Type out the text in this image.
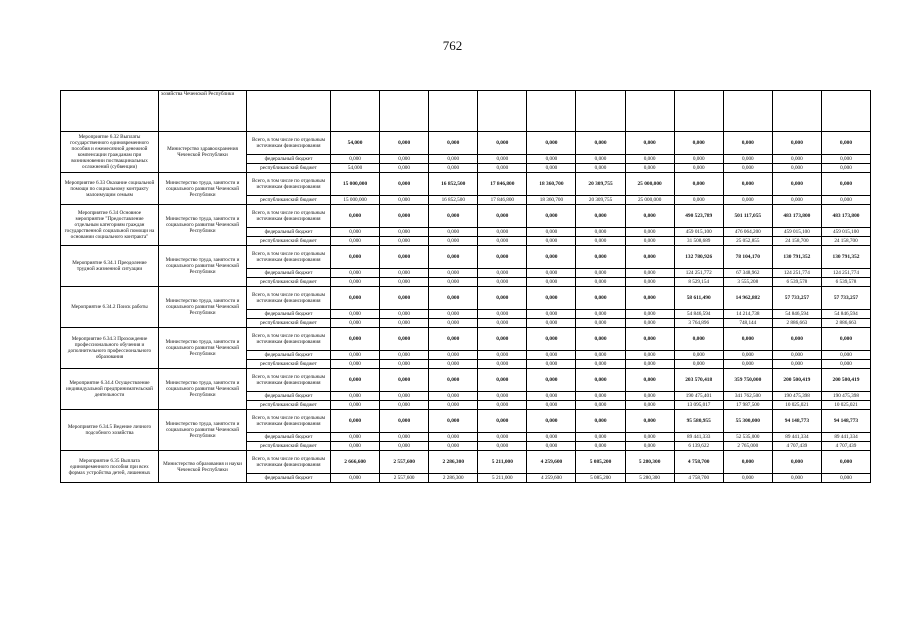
762
	хозяйства Чеченской Республики												
Мероприятие 6.32 Выплаты государственного единовременного пособия и ежемесячной денежной компенсации гражданам при возникновении поствакцинальных осложнений (субвенции)	Министерство здравоохранения Чеченской Республики	Всего, в том числе по отдельным источникам финансирования	54,000	0,000	0,000	0,000	0,000	0,000	0,000	0,000	0,000	0,000	0,000
		федеральный бюджет	0,000	0,000	0,000	0,000	0,000	0,000	0,000	0,000	0,000	0,000	0,000
		республиканский бюджет	54,000	0,000	0,000	0,000	0,000	0,000	0,000	0,000	0,000	0,000	0,000
Мероприятие 6.33 Оказание социальной помощи по социальному контракту малоимущим семьям	Министерство труда, занятости и социального развития Чеченской Республики	Всего, в том числе по отдельным источникам финансирования	15 000,000	0,000	16 852,500	17 846,800	18 360,700	20 309,755	25 000,000	0,000	0,000	0,000	0,000
		республиканский бюджет	15 000,000	0,000	16 852,500	17 846,800	18 360,700	20 309,755	25 000,000	0,000	0,000	0,000	0,000
Мероприятие 6.34 Основное мероприятие "Предоставление отдельным категориям граждан государственной социальной помощи на основании социального контракта"	Министерство труда, занятости и социального развития Чеченской Республики	Всего, в том числе по отдельным источникам финансирования	0,000	0,000	0,000	0,000	0,000	0,000	0,000	490 523,789	501 117,055	483 173,800	483 173,800
		федеральный бюджет	0,000	0,000	0,000	0,000	0,000	0,000	0,000	459 015,100	476 064,200	459 015,100	459 015,100
		республиканский бюджет	0,000	0,000	0,000	0,000	0,000	0,000	0,000	31 508,689	25 052,855	24 158,700	24 158,700
Мероприятие 6.34.1 Преодоление трудной жизненной ситуации	Министерство труда, занятости и социального развития Чеченской Республики	Всего, в том числе по отдельным источникам финансирования	0,000	0,000	0,000	0,000	0,000	0,000	0,000	132 780,926	78 104,170	130 791,352	130 791,352
		федеральный бюджет	0,000	0,000	0,000	0,000	0,000	0,000	0,000	124 251,772	67 348,962	124 251,774	124 251,774
		республиканский бюджет	0,000	0,000	0,000	0,000	0,000	0,000	0,000	8 529,154	3 555,208	6 539,578	6 539,578
Мероприятие 6.34.2 Поиск работы	Министерство труда, занятости и социального развития Чеченской Республики	Всего, в том числе по отдельным источникам финансирования	0,000	0,000	0,000	0,000	0,000	0,000	0,000	58 611,490	14 962,882	57 733,257	57 733,257
		федеральный бюджет	0,000	0,000	0,000	0,000	0,000	0,000	0,000	54 846,594	14 214,738	54 846,594	54 846,594
		республиканский бюджет	0,000	0,000	0,000	0,000	0,000	0,000	0,000	3 764,896	748,144	2 886,663	2 886,663
Мероприятие 6.34.3 Прохождение профессионального обучения и дополнительного профессионального образования	Министерство труда, занятости и социального развития Чеченской Республики	Всего, в том числе по отдельным источникам финансирования	0,000	0,000	0,000	0,000	0,000	0,000	0,000	0,000	0,000	0,000	0,000
		федеральный бюджет	0,000	0,000	0,000	0,000	0,000	0,000	0,000	0,000	0,000	0,000	0,000
		республиканский бюджет	0,000	0,000	0,000	0,000	0,000	0,000	0,000	0,000	0,000	0,000	0,000
Мероприятие 6.34.4 Осуществление индивидуальной предпринимательской деятельности	Министерство труда, занятости и социального развития Чеченской Республики	Всего, в том числе по отдельным источникам финансирования	0,000	0,000	0,000	0,000	0,000	0,000	0,000	203 570,418	359 750,000	200 500,419	200 500,419
		федеральный бюджет	0,000	0,000	0,000	0,000	0,000	0,000	0,000	190 475,401	341 762,500	190 475,398	190 475,398
		республиканский бюджет	0,000	0,000	0,000	0,000	0,000	0,000	0,000	13 095,017	17 987,500	10 025,021	10 025,021
Мероприятие 6.34.5 Ведение личного подсобного хозяйства	Министерство труда, занятости и социального развития Чеченской Республики	Всего, в том числе по отдельным источникам финансирования	0,000	0,000	0,000	0,000	0,000	0,000	0,000	95 580,955	55 300,000	94 148,773	94 148,773
		федеральный бюджет	0,000	0,000	0,000	0,000	0,000	0,000	0,000	89 441,333	52 535,000	89 441,334	89 441,334
		республиканский бюджет	0,000	0,000	0,000	0,000	0,000	0,000	0,000	6 139,622	2 765,000	4 707,439	4 707,439
Мероприятие 6.35 Выплата единовременного пособия при всех формах устройства детей, лишенных	Министерство образования и науки Чеченской Республики	Всего, в том числе по отдельным источникам финансирования	2 666,600	2 557,600	2 286,300	5 211,000	4 259,600	5 085,200	5 280,300	4 758,700	0,000	0,000	0,000
		федеральный бюджет	0,000	2 557,600	2 286,300	5 211,000	4 259,600	5 085,200	5 280,300	4 758,700	0,000	0,000	0,000
